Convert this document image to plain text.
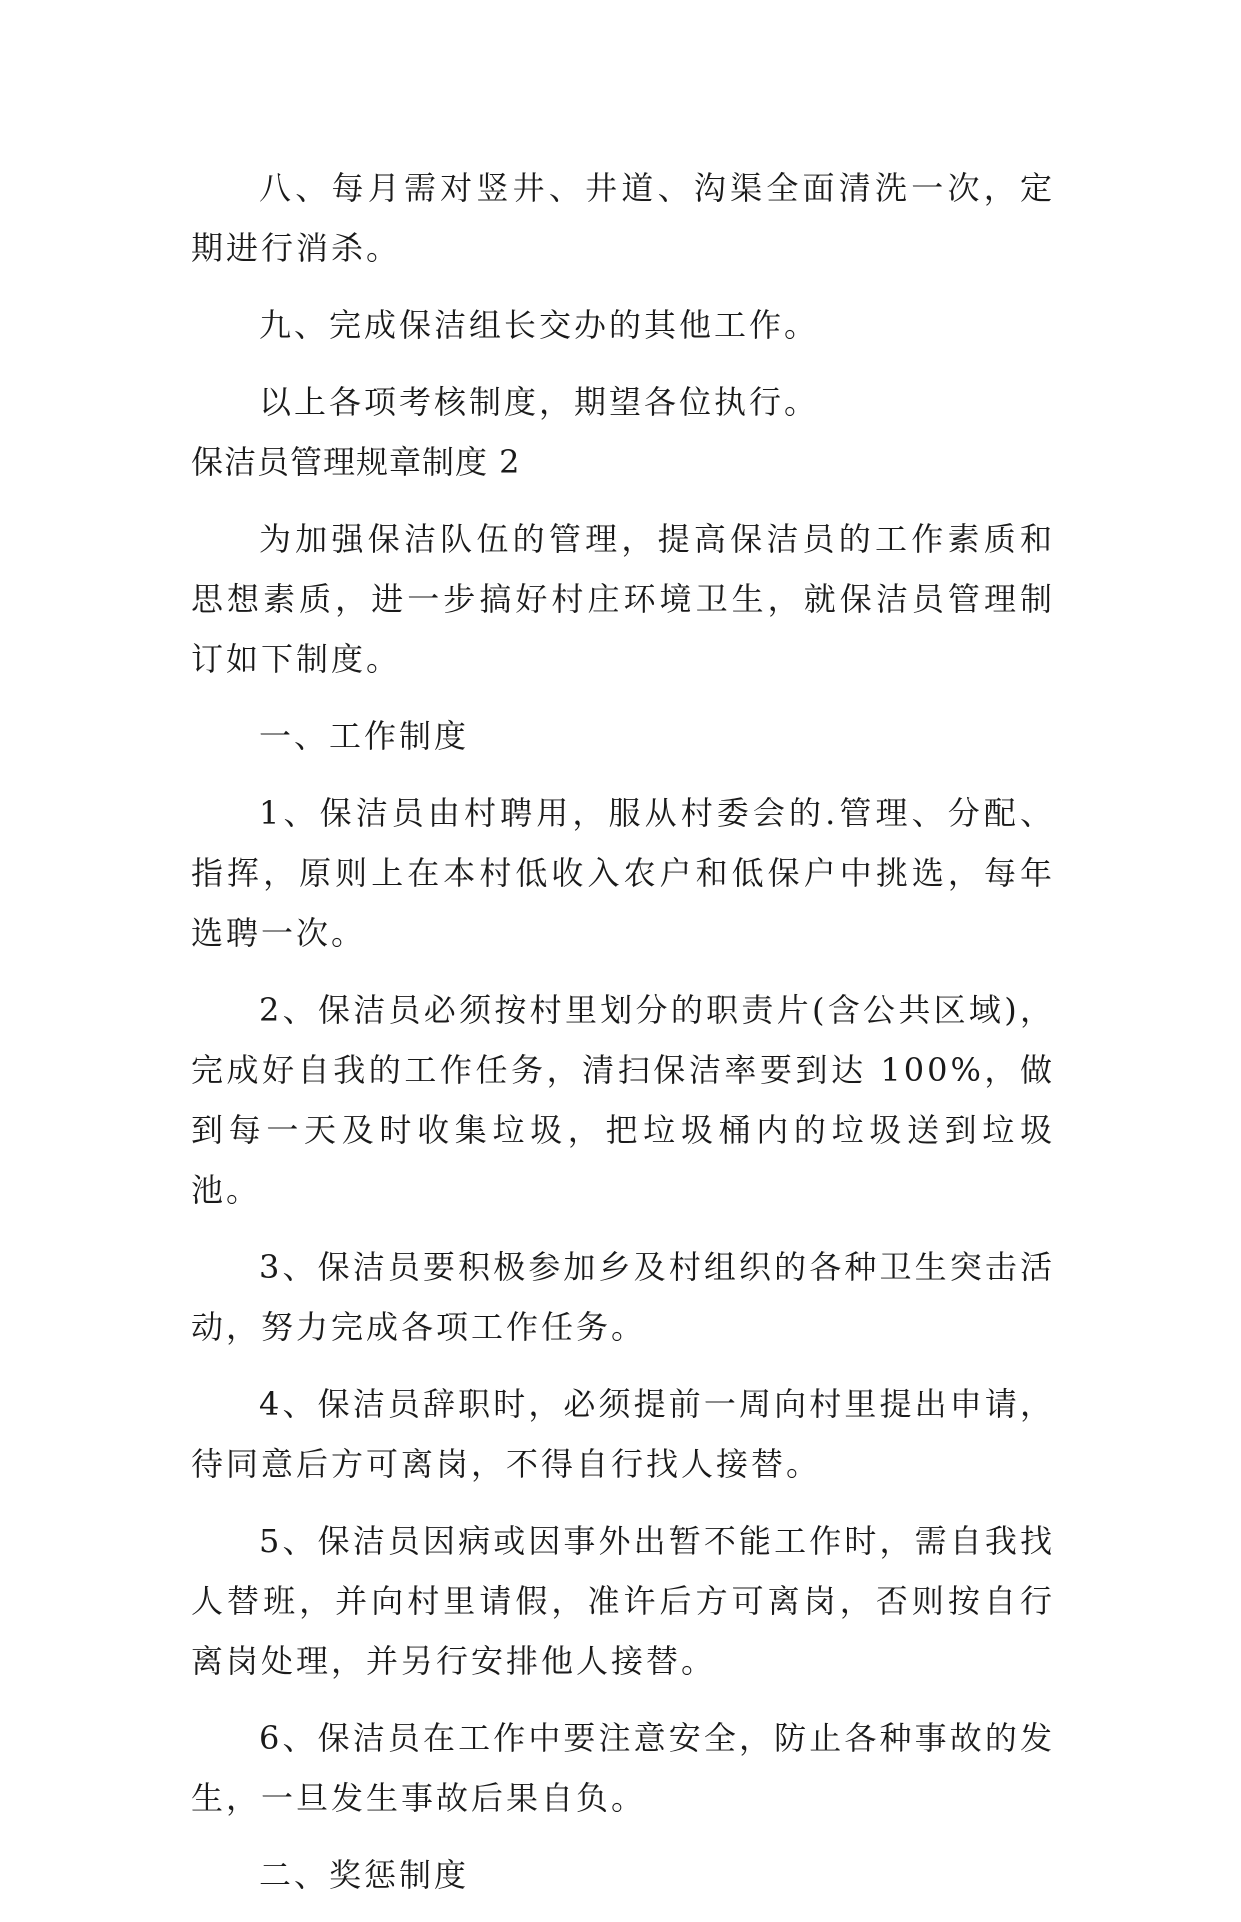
八、每月需对竖井、井道、沟渠全面清洗一次，定期进行消杀。

九、完成保洁组长交办的其他工作。

以上各项考核制度，期望各位执行。

保洁员管理规章制度 2

为加强保洁队伍的管理，提高保洁员的工作素质和思想素质，进一步搞好村庄环境卫生，就保洁员管理制订如下制度。

一、工作制度

1、保洁员由村聘用，服从村委会的.管理、分配、指挥，原则上在本村低收入农户和低保户中挑选，每年选聘一次。

2、保洁员必须按村里划分的职责片(含公共区域)，完成好自我的工作任务，清扫保洁率要到达 100%，做到每一天及时收集垃圾，把垃圾桶内的垃圾送到垃圾池。

3、保洁员要积极参加乡及村组织的各种卫生突击活动，努力完成各项工作任务。

4、保洁员辞职时，必须提前一周向村里提出申请，待同意后方可离岗，不得自行找人接替。

5、保洁员因病或因事外出暂不能工作时，需自我找人替班，并向村里请假，准许后方可离岗，否则按自行离岗处理，并另行安排他人接替。

6、保洁员在工作中要注意安全，防止各种事故的发生，一旦发生事故后果自负。

二、奖惩制度
